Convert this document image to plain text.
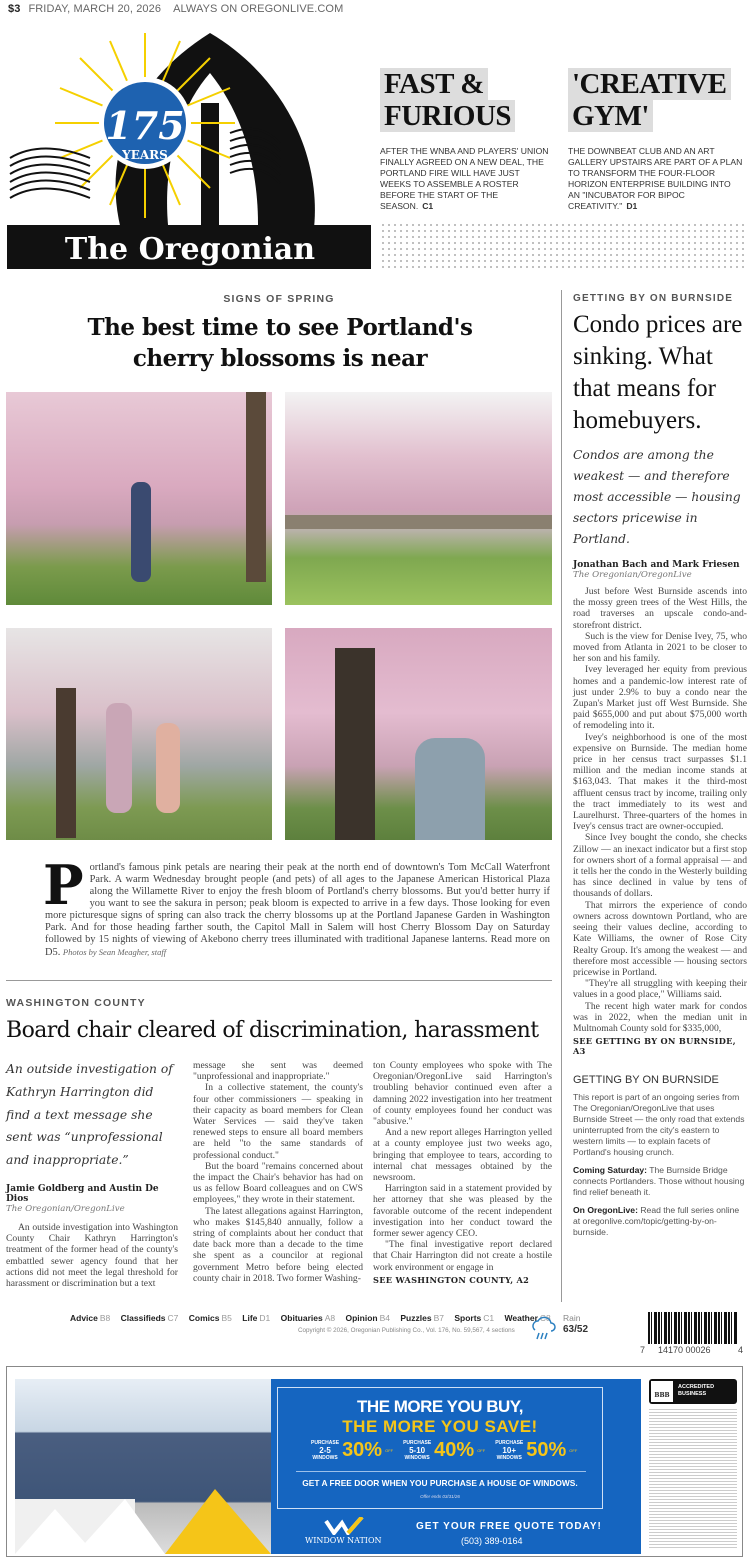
$3 FRIDAY, MARCH 20, 2026 ALWAYS ON OREGONLIVE.COM
175
YEARS
The Oregonian
FAST &
FURIOUS

AFTER THE WNBA AND PLAYERS' UNION FINALLY AGREED ON A NEW DEAL, THE PORTLAND FIRE WILL HAVE JUST WEEKS TO ASSEMBLE A ROSTER BEFORE THE START OF THE SEASON. C1

'CREATIVE
GYM'

THE DOWNBEAT CLUB AND AN ART GALLERY UPSTAIRS ARE PART OF A PLAN TO TRANSFORM THE FOUR-FLOOR HORIZON ENTERPRISE BUILDING INTO AN "INCUBATOR FOR BIPOC CREATIVITY." D1

SIGNS OF SPRING
The best time to see Portland's cherry blossoms is near
Portland's famous pink petals are nearing their peak at the north end of downtown's Tom McCall Waterfront Park. A warm Wednesday brought people (and pets) of all ages to the Japanese American Historical Plaza along the Willamette River to enjoy the fresh bloom of Portland's cherry blossoms. But you'd better hurry if you want to see the sakura in person; peak bloom is expected to arrive in a few days. Those looking for even more picturesque signs of spring can also track the cherry blossoms up at the Portland Japanese Garden in Washington Park. And for those heading farther south, the Capitol Mall in Salem will host Cherry Blossom Day on Saturday followed by 15 nights of viewing of Akebono cherry trees illuminated with traditional Japanese lanterns. Read more on D5. Photos by Sean Meagher, staff
WASHINGTON COUNTY
Board chair cleared of discrimination, harassment
An outside investigation of Kathryn Harrington did find a text message she sent was “unprofessional and inappropriate.”
Jamie Goldberg and Austin De Dios
The Oregonian/OregonLive

An outside investigation into Washington County Chair Kathryn Harrington's treatment of the former head of the county's embattled sewer agency found that her actions did not meet the legal threshold for harassment or discrimination but a text

message she sent was deemed "unprofessional and inappropriate."

In a collective statement, the county's four other commissioners — speaking in their capacity as board members for Clean Water Services — said they've taken renewed steps to ensure all board members are held "to the same standards of professional conduct."

But the board "remains concerned about the impact the Chair's behavior has had on us as fellow Board colleagues and on CWS employees," they wrote in their statement.

The latest allegations against Harrington, who makes $145,840 annually, follow a string of complaints about her conduct that date back more than a decade to the time she spent as a councilor at regional government Metro before being elected county chair in 2018. Two former Washing-

ton County employees who spoke with The Oregonian/OregonLive said Harrington's troubling behavior continued even after a damning 2022 investigation into her treatment of county employees found her conduct was "abusive."

And a new report alleges Harrington yelled at a county employee just two weeks ago, bringing that employee to tears, according to internal chat messages obtained by the newsroom.

Harrington said in a statement provided by her attorney that she was pleased by the favorable outcome of the recent independent investigation into her conduct toward the former sewer agency CEO.

"The final investigative report declared that Chair Harrington did not create a hostile work environment or engage in

SEE WASHINGTON COUNTY, A2
GETTING BY ON BURNSIDE
Condo prices are sinking. What that means for homebuyers.
Condos are among the weakest — and therefore most accessible — housing sectors pricewise in Portland.
Jonathan Bach and Mark Friesen
The Oregonian/OregonLive

Just before West Burnside ascends into the mossy green trees of the West Hills, the road traverses an upscale condo-and-storefront district.

Such is the view for Denise Ivey, 75, who moved from Atlanta in 2021 to be closer to her son and his family.

Ivey leveraged her equity from previous homes and a pandemic-low interest rate of just under 2.9% to buy a condo near the Zupan's Market just off West Burnside. She paid $655,000 and put about $75,000 worth of remodeling into it.

Ivey's neighborhood is one of the most expensive on Burnside. The median home price in her census tract surpasses $1.1 million and the median income stands at $163,043. That makes it the third-most affluent census tract by income, trailing only the tract immediately to its west and Laurelhurst. Three-quarters of the homes in Ivey's census tract are owner-occupied.

Since Ivey bought the condo, she checks Zillow — an inexact indicator but a first stop for owners short of a formal appraisal — and it tells her the condo in the Westerly building has since declined in value by tens of thousands of dollars.

That mirrors the experience of condo owners across downtown Portland, who are seeing their values decline, according to Kate Williams, the owner of Rose City Realty Group. It's among the weakest — and therefore most accessible — housing sectors pricewise in Portland.

"They're all struggling with keeping their values in a good place," Williams said.

The recent high water mark for condos was in 2022, when the median unit in Multnomah County sold for $335,000,

SEE GETTING BY ON BURNSIDE, A3
GETTING BY ON BURNSIDE
This report is part of an ongoing series from The Oregonian/OregonLive that uses Burnside Street — the only road that extends uninterrupted from the city's eastern to western limits — to explain facets of Portland's housing crunch.
Coming Saturday: The Burnside Bridge connects Portlanders. Those without housing find relief beneath it.
On OregonLive: Read the full series online at oregonlive.com/topic/getting-by-on-burnside.
Advice B8 Classifieds C7 Comics B5 Life D1 Obituaries A8 Opinion B4 Puzzles B7 Sports C1 Weather C8
Copyright © 2026, Oregonian Publishing Co., Vol. 176, No. 59,567, 4 sections
Rain
63/52
7 14170 00026	4
THE MORE YOU BUY,
THE MORE YOU SAVE!
PURCHASE
2-5
WINDOWS 30% OFF
PURCHASE
5-10
WINDOWS 40% OFF
PURCHASE
10+
WINDOWS 50% OFF
GET A FREE DOOR WHEN YOU PURCHASE A HOUSE OF WINDOWS.
Offer ends 03/31/26
WINDOW NATION
GET YOUR FREE QUOTE TODAY!
(503) 389-0164
BBB
ACCREDITED
BUSINESS
